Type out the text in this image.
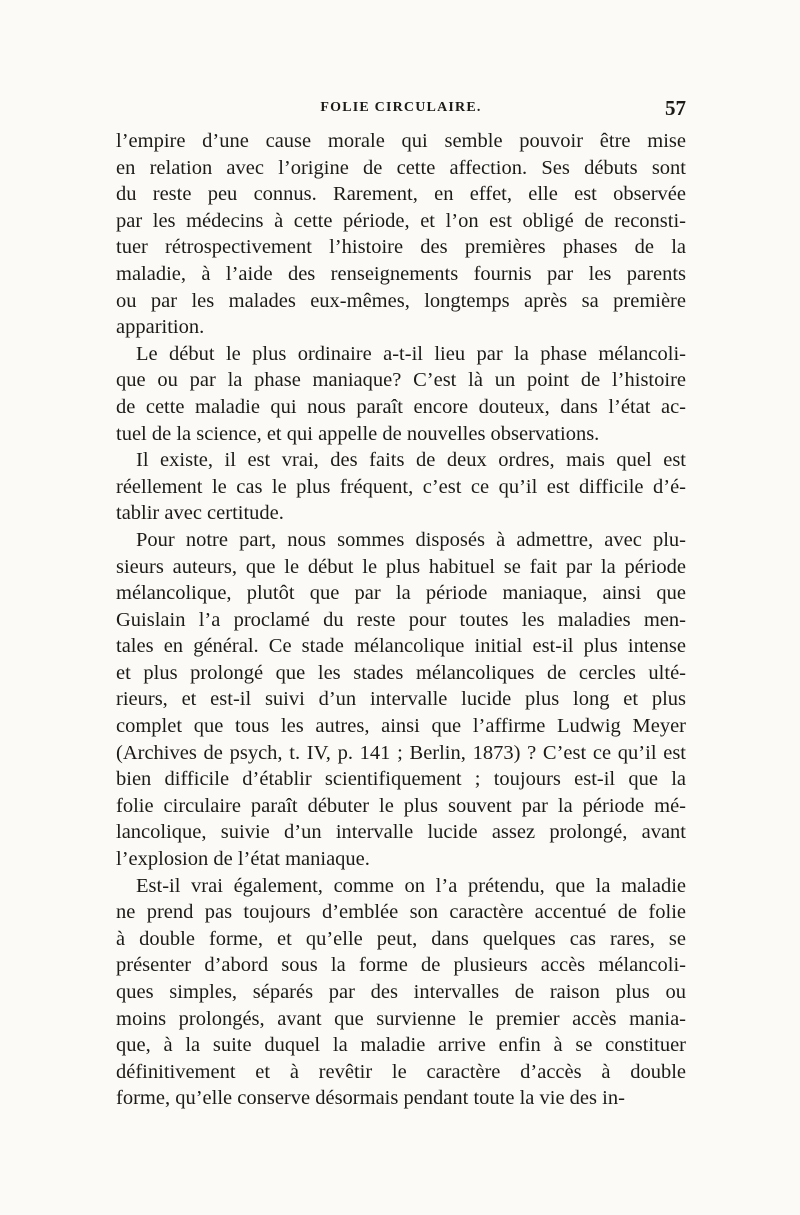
FOLIE CIRCULAIRE.	57

l’empire d’une cause morale qui semble pouvoir être mise

en relation avec l’origine de cette affection. Ses débuts sont

du reste peu connus. Rarement, en effet, elle est observée

par les médecins à cette période, et l’on est obligé de reconsti-

tuer rétrospectivement l’histoire des premières phases de la

maladie, à l’aide des renseignements fournis par les parents

ou par les malades eux-mêmes, longtemps après sa première

apparition.

Le début le plus ordinaire a-t-il lieu par la phase mélancoli-

que ou par la phase maniaque? C’est là un point de l’histoire

de cette maladie qui nous paraît encore douteux, dans l’état ac-

tuel de la science, et qui appelle de nouvelles observations.

Il existe, il est vrai, des faits de deux ordres, mais quel est

réellement le cas le plus fréquent, c’est ce qu’il est difficile d’é-

tablir avec certitude.

Pour notre part, nous sommes disposés à admettre, avec plu-

sieurs auteurs, que le début le plus habituel se fait par la période

mélancolique, plutôt que par la période maniaque, ainsi que

Guislain l’a proclamé du reste pour toutes les maladies men-

tales en général. Ce stade mélancolique initial est-il plus intense

et plus prolongé que les stades mélancoliques de cercles ulté-

rieurs, et est-il suivi d’un intervalle lucide plus long et plus

complet que tous les autres, ainsi que l’affirme Ludwig Meyer

(Archives de psych, t. IV, p. 141 ; Berlin, 1873) ? C’est ce qu’il est

bien difficile d’établir scientifiquement ; toujours est-il que la

folie circulaire paraît débuter le plus souvent par la période mé-

lancolique, suivie d’un intervalle lucide assez prolongé, avant

l’explosion de l’état maniaque.

Est-il vrai également, comme on l’a prétendu, que la maladie

ne prend pas toujours d’emblée son caractère accentué de folie

à double forme, et qu’elle peut, dans quelques cas rares, se

présenter d’abord sous la forme de plusieurs accès mélancoli-

ques simples, séparés par des intervalles de raison plus ou

moins prolongés, avant que survienne le premier accès mania-

que, à la suite duquel la maladie arrive enfin à se constituer

définitivement et à revêtir le caractère d’accès à double

forme, qu’elle conserve désormais pendant toute la vie des in-
